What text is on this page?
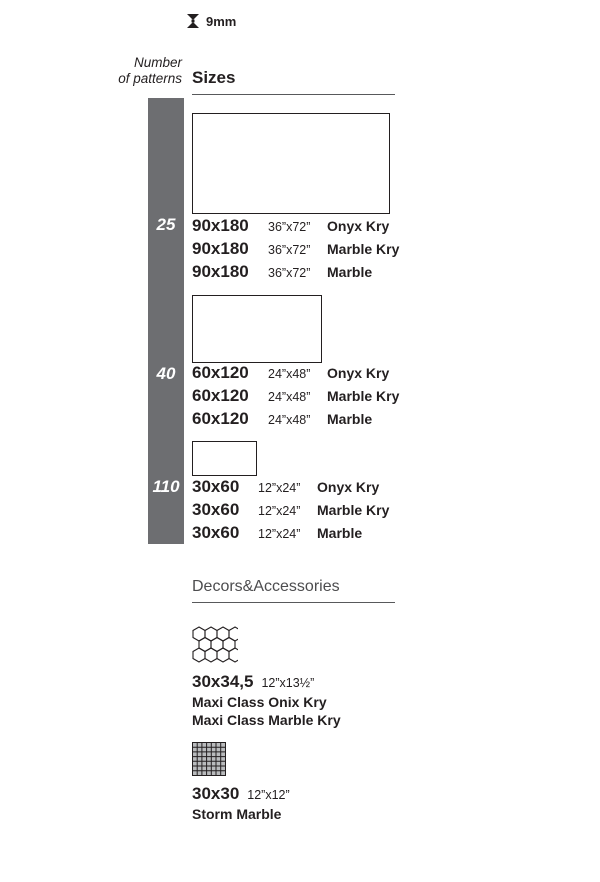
9mm
Number
of patterns
25
40
110
Sizes
90x180	36”x72”	Onyx Kry
90x180	36”x72”	Marble Kry
90x180	36”x72”	Marble
60x120	24”x48”	Onyx Kry
60x120	24”x48”	Marble Kry
60x120	24”x48”	Marble
30x60	12”x24”	Onyx Kry
30x60	12”x24”	Marble Kry
30x60	12”x24”	Marble
Decors&Accessories
30x34,5 12”x13½”
Maxi Class Onix Kry
Maxi Class Marble Kry
30x30 12”x12”
Storm Marble
